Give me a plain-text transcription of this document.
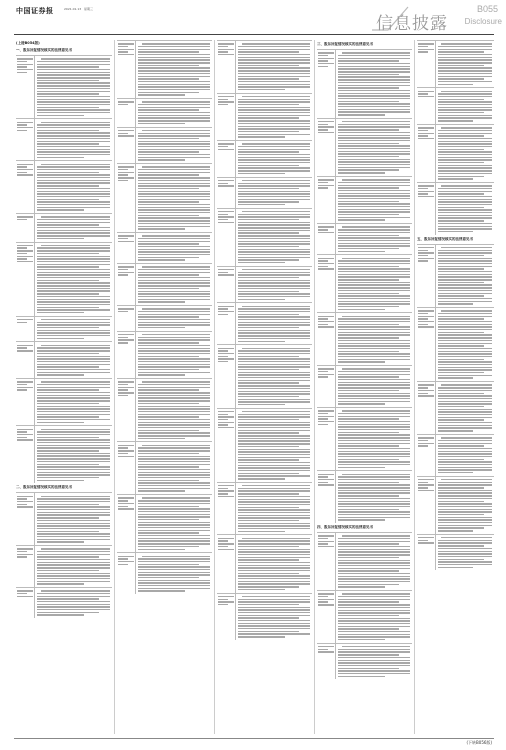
中国证券报	2021.01.13 星期三
信息披露
B055
Disclosure
(上接B054版)
一、股东回复情况核实的法律意见书
二、股东回复情况核实的法律意见书
三、股东回复情况核实的法律意见书
四、股东回复情况核实的法律意见书
五、股东回复情况核实的法律意见书
(下转B056版)
